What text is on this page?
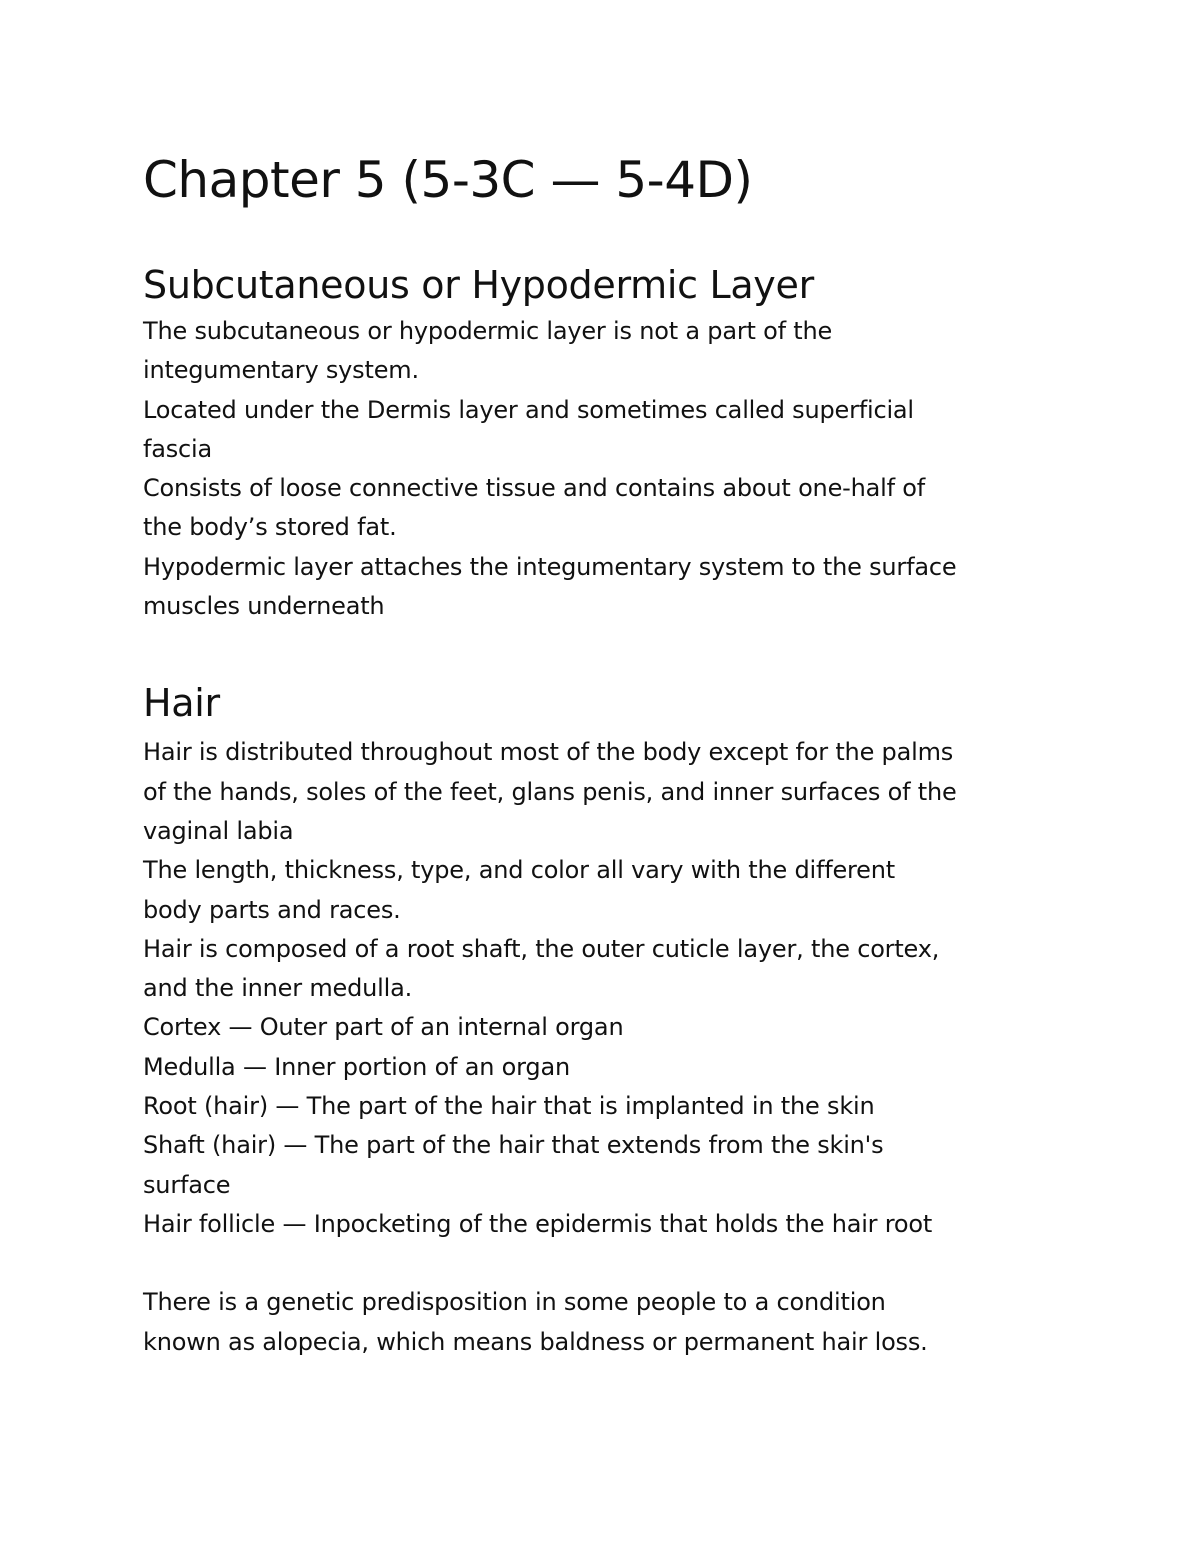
Chapter 5 (5-3C — 5-4D)
Subcutaneous or Hypodermic Layer

The subcutaneous or hypodermic layer is not a part of the

integumentary system.

Located under the Dermis layer and sometimes called superficial

fascia

Consists of loose connective tissue and contains about one-half of

the body’s stored fat.

Hypodermic layer attaches the integumentary system to the surface

muscles underneath

Hair

Hair is distributed throughout most of the body except for the palms

of the hands, soles of the feet, glans penis, and inner surfaces of the

vaginal labia

The length, thickness, type, and color all vary with the different

body parts and races.

Hair is composed of a root shaft, the outer cuticle layer, the cortex,

and the inner medulla.

Cortex — Outer part of an internal organ

Medulla — Inner portion of an organ

Root (hair) — The part of the hair that is implanted in the skin

Shaft (hair) — The part of the hair that extends from the skin's

surface

Hair follicle — Inpocketing of the epidermis that holds the hair root

There is a genetic predisposition in some people to a condition

known as alopecia, which means baldness or permanent hair loss.
